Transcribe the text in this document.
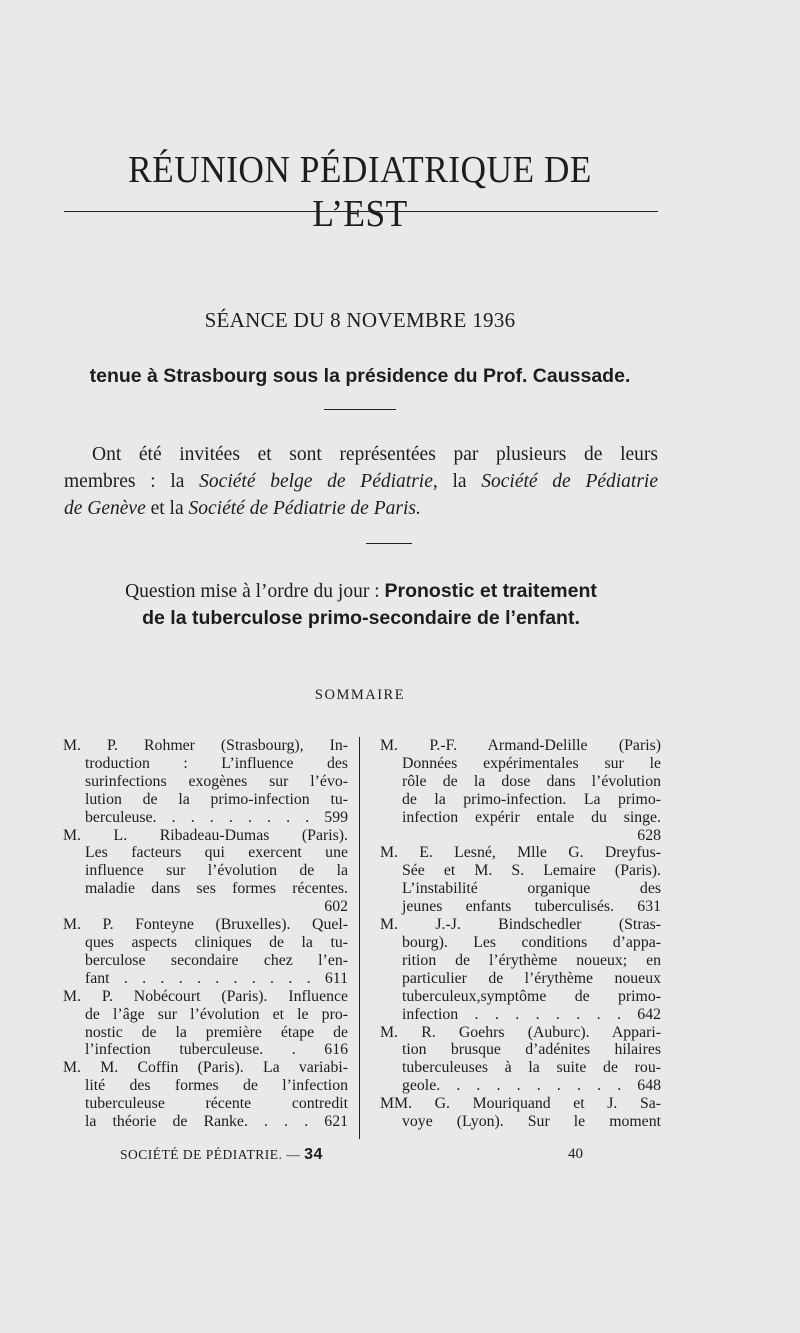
RÉUNION PÉDIATRIQUE DE L’EST
SÉANCE DU 8 NOVEMBRE 1936
tenue à Strasbourg sous la présidence du Prof. Caussade.
Ont été invitées et sont représentées par plusieurs de leurs
membres : la Société belge de Pédiatrie, la Société de Pédiatrie
de Genève et la Société de Pédiatrie de Paris.
Question mise à l’ordre du jour : Pronostic et traitement
de la tuberculose primo-secondaire de l’enfant.
SOMMAIRE
M. P. Rohmer (Strasbourg), In-
troduction : L’influence des
surinfections exogènes sur l’évo-
lution de la primo-infection tu-
berculeuse. . . . . . . . . 599
M. L. Ribadeau-Dumas (Paris).
Les facteurs qui exercent une
influence sur l’évolution de la
maladie dans ses formes récentes.
602
M. P. Fonteyne (Bruxelles). Quel-
ques aspects cliniques de la tu-
berculose secondaire chez l’en-
fant . . . . . . . . . . . 611
M. P. Nobécourt (Paris). Influence
de l’âge sur l’évolution et le pro-
nostic de la première étape de
l’infection tuberculeuse. . 616
M. M. Coffin (Paris). La variabi-
lité des formes de l’infection
tuberculeuse récente contredit
la théorie de Ranke. . . . 621
M. P.-F. Armand-Delille (Paris)
Données expérimentales sur le
rôle de la dose dans l’évolution
de la primo-infection. La primo-
infection expérir entale du singe.
628
M. E. Lesné, Mlle G. Dreyfus-
Sée et M. S. Lemaire (Paris).
L’instabilité organique des
jeunes enfants tuberculisés. 631
M. J.-J. Bindschedler (Stras-
bourg). Les conditions d’appa-
rition de l’érythème noueux; en
particulier de l’érythème noueux
tuberculeux,symptôme de primo-
infection . . . . . . . . 642
M. R. Goehrs (Auburc). Appari-
tion brusque d’adénites hilaires
tuberculeuses à la suite de rou-
geole. . . . . . . . . . 648
MM. G. Mouriquand et J. Sa-
voye (Lyon). Sur le moment
SOCIÉTÉ DE PÉDIATRIE. — 34	40
